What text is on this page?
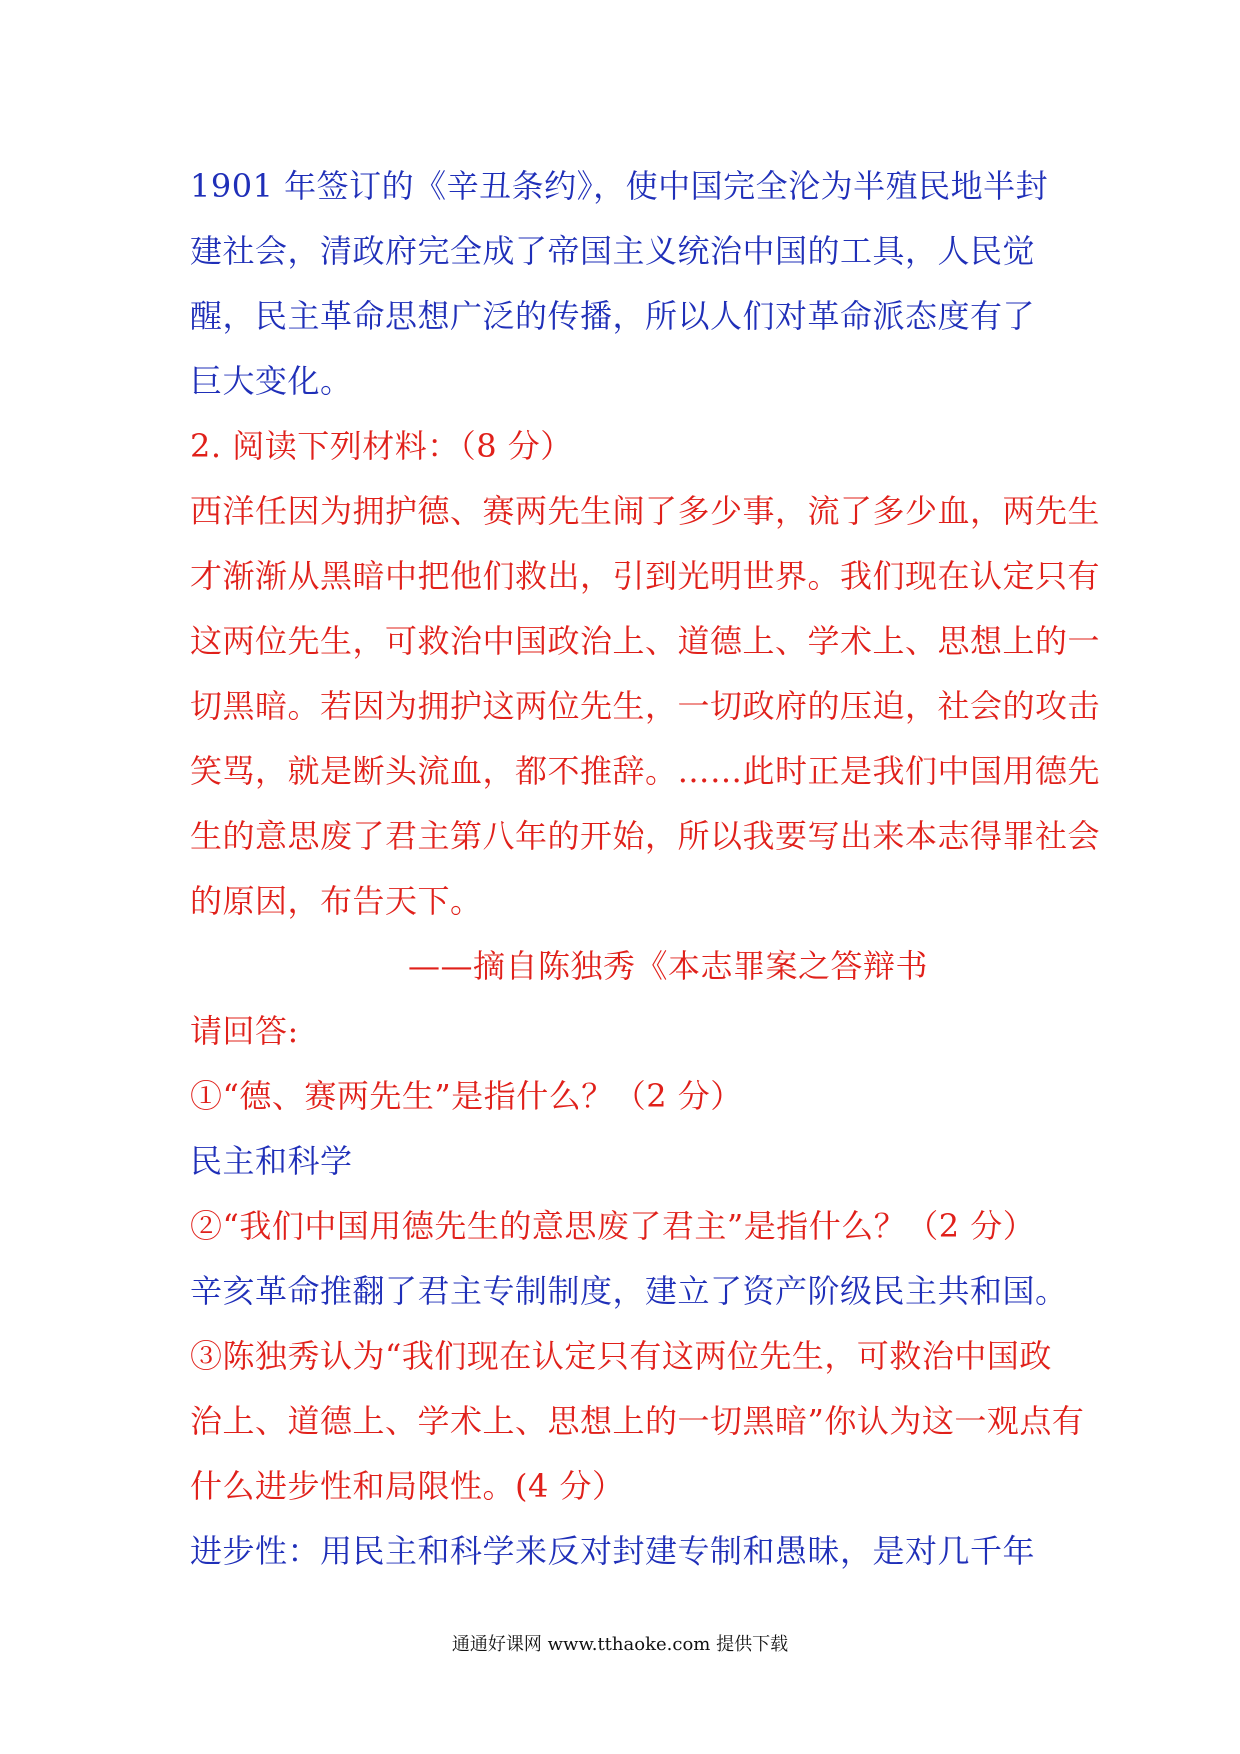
1901 年签订的《辛丑条约》，使中国完全沦为半殖民地半封
建社会，清政府完全成了帝国主义统治中国的工具，人民觉
醒，民主革命思想广泛的传播，所以人们对革命派态度有了
巨大变化。
2. 阅读下列材料：（8 分）
西洋任因为拥护德、赛两先生闹了多少事，流了多少血，两先生
才渐渐从黑暗中把他们救出，引到光明世界。我们现在认定只有
这两位先生，可救治中国政治上、道德上、学术上、思想上的一
切黑暗。若因为拥护这两位先生，一切政府的压迫，社会的攻击
笑骂，就是断头流血，都不推辞。……此时正是我们中国用德先
生的意思废了君主第八年的开始，所以我要写出来本志得罪社会
的原因，布告天下。
——摘自陈独秀《本志罪案之答辩书
请回答:
①“德、赛两先生”是指什么？（2 分）
民主和科学
②“我们中国用德先生的意思废了君主”是指什么？（2 分）
辛亥革命推翻了君主专制制度，建立了资产阶级民主共和国。
③陈独秀认为“我们现在认定只有这两位先生，可救治中国政
治上、道德上、学术上、思想上的一切黑暗”你认为这一观点有
什么进步性和局限性。(4 分）
进步性：用民主和科学来反对封建专制和愚昧，是对几千年
通通好课网 www.tthaoke.com 提供下载
